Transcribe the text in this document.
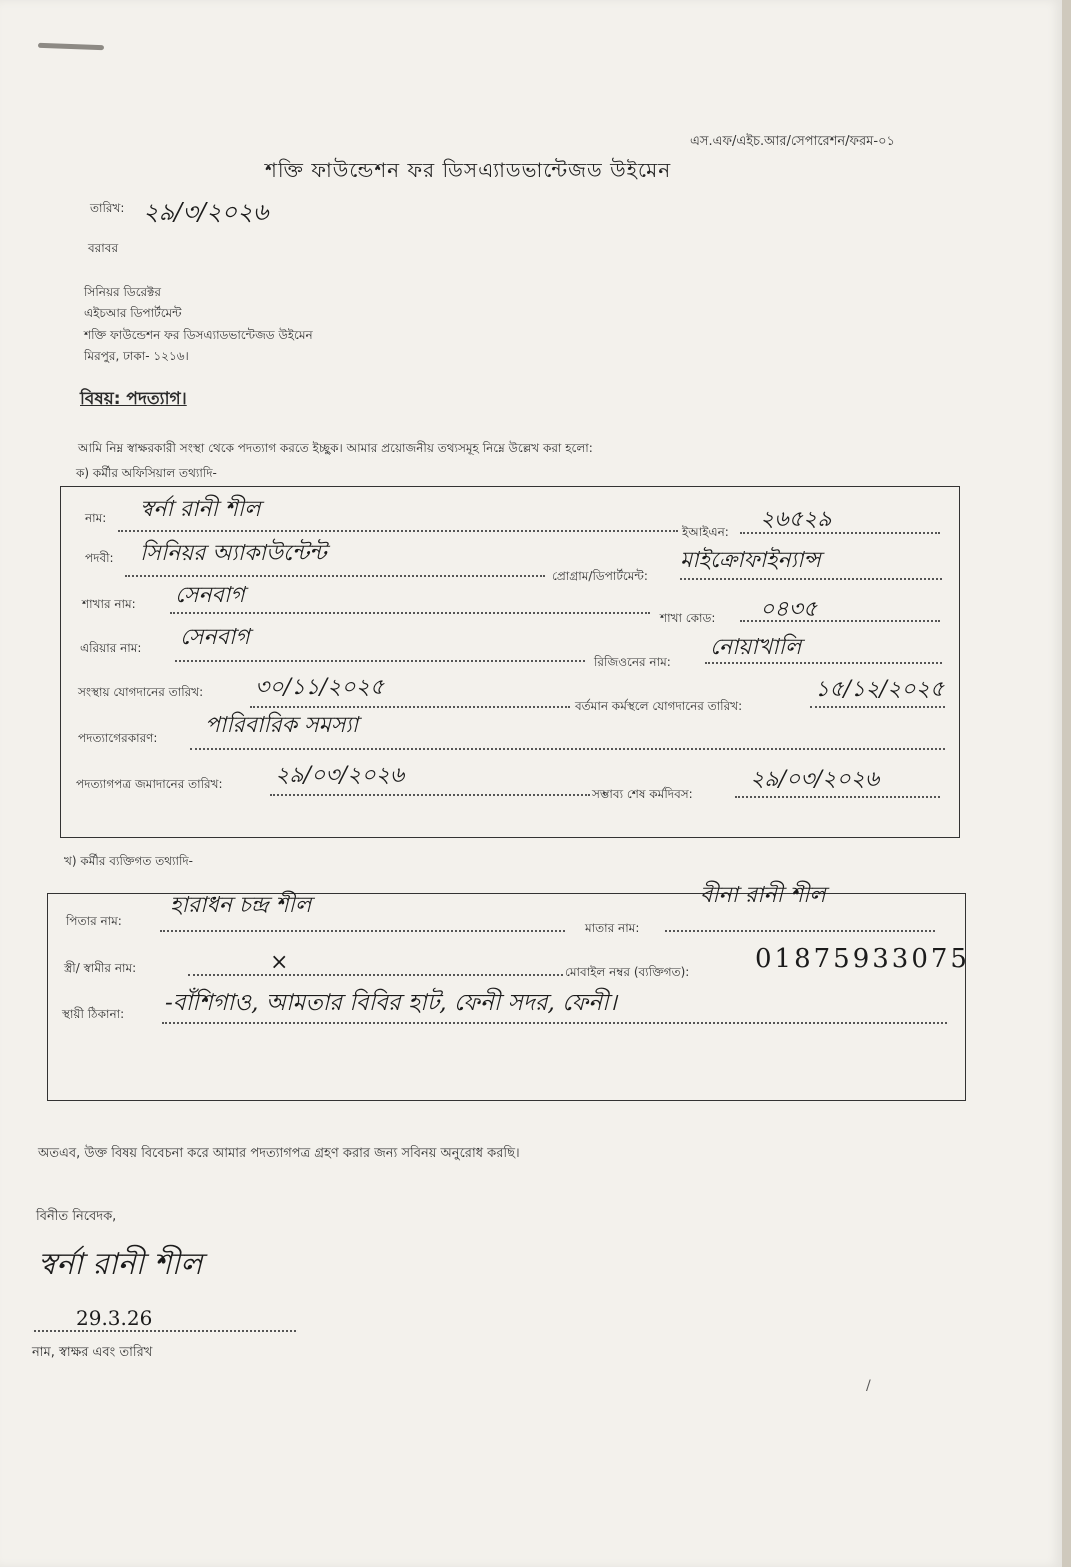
এস.এফ/এইচ.আর/সেপারেশন/ফরম-০১
শক্তি ফাউন্ডেশন ফর ডিসএ্যাডভান্টেজড উইমেন
তারিখ: ২৯/৩/২০২৬
বরাবর
সিনিয়র ডিরেক্টর
এইচআর ডিপার্টমেন্ট
শক্তি ফাউন্ডেশন ফর ডিসএ্যাডভান্টেজড উইমেন
মিরপুর, ঢাকা- ১২১৬।
বিষয়: পদত্যাগ।
আমি নিম্ন স্বাক্ষরকারী সংস্থা থেকে পদত্যাগ করতে ইচ্ছুক। আমার প্রয়োজনীয় তথ্যসমূহ নিম্নে উল্লেখ করা হলো:
ক) কর্মীর অফিসিয়াল তথ্যাদি-
নাম: স্বর্না রানী শীল
ইআইএন: ২৬৫২৯
পদবী: সিনিয়র অ্যাকাউন্টেন্ট
প্রোগ্রাম/ডিপার্টমেন্ট:
মাইক্রোফাইন্যান্স
শাখার নাম: সেনবাগ
শাখা কোড: ০৪৩৫
এরিয়ার নাম: সেনবাগ
রিজিওনের নাম:
নোয়াখালি
সংস্থায় যোগদানের তারিখ: ৩০/১১/২০২৫
বর্তমান কর্মস্থলে যোগদানের তারিখ:
১৫/১২/২০২৫
পদত্যাগেরকারণ: পারিবারিক সমস্যা
পদত্যাগপত্র জমাদানের তারিখ: ২৯/০৩/২০২৬
সম্ভাব্য শেষ কর্মদিবস:
২৯/০৩/২০২৬
খ) কর্মীর ব্যক্তিগত তথ্যাদি-
পিতার নাম:
হারাধন চন্দ্র শীল
মাতার নাম:
বীনা রানী শীল
স্ত্রী/ স্বামীর নাম:	×	মোবাইল নম্বর (ব্যক্তিগত):	01875933075
স্থায়ী ঠিকানা: -বাঁশিগাও, আমতার বিবির হাট, ফেনী সদর, ফেনী।
অতএব, উক্ত বিষয় বিবেচনা করে আমার পদত্যাগপত্র গ্রহণ করার জন্য সবিনয় অনুরোধ করছি।
বিনীত নিবেদক,
স্বর্না রানী শীল
29.3.26
নাম, স্বাক্ষর এবং তারিখ
/
